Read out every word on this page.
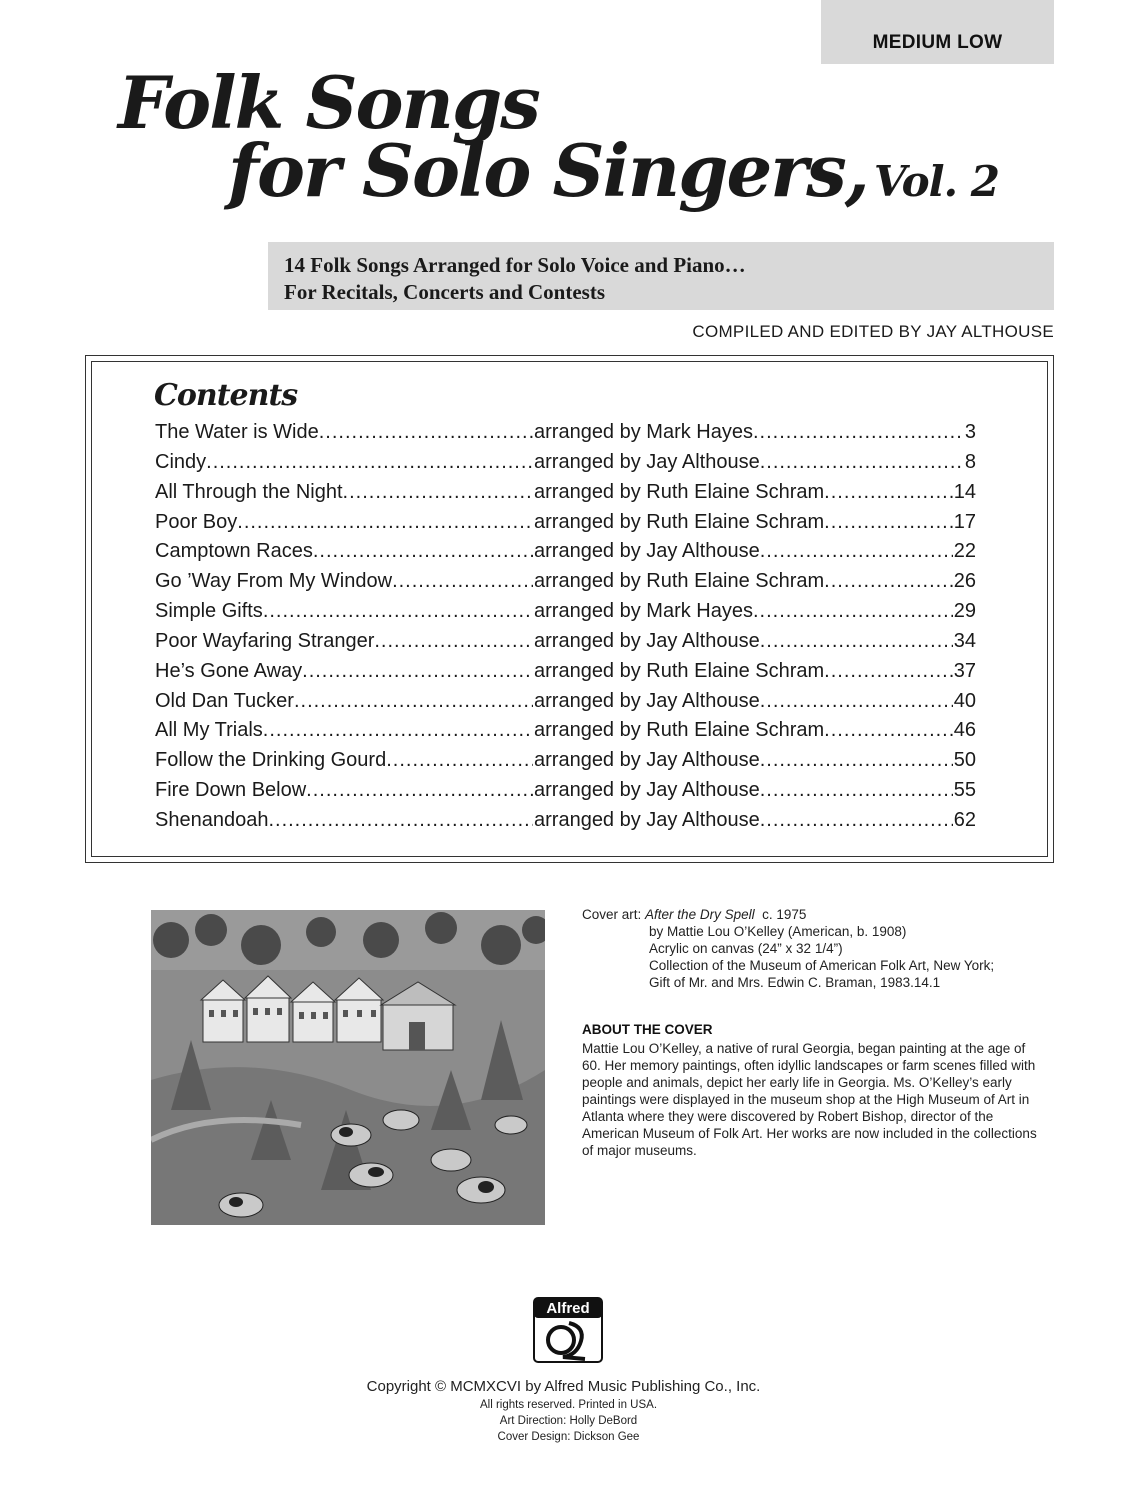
MEDIUM LOW
Folk Songs
for Solo Singers, Vol. 2
14 Folk Songs Arranged for Solo Voice and Piano…
For Recitals, Concerts and Contests
COMPILED AND EDITED BY JAY ALTHOUSE
Contents
The Water is Wide .....	arranged by Mark Hayes .....	3
Cindy .....	arranged by Jay Althouse .....	8
All Through the Night .....	arranged by Ruth Elaine Schram .....	14
Poor Boy .....	arranged by Ruth Elaine Schram .....	17
Camptown Races .....	arranged by Jay Althouse .....	22
Go ’Way From My Window .....	arranged by Ruth Elaine Schram .....	26
Simple Gifts .....	arranged by Mark Hayes .....	29
Poor Wayfaring Stranger .....	arranged by Jay Althouse .....	34
He’s Gone Away .....	arranged by Ruth Elaine Schram .....	37
Old Dan Tucker .....	arranged by Jay Althouse .....	40
All My Trials .....	arranged by Ruth Elaine Schram .....	46
Follow the Drinking Gourd .....	arranged by Jay Althouse .....	50
Fire Down Below .....	arranged by Jay Althouse .....	55
Shenandoah .....	arranged by Jay Althouse .....	62
Cover art: After the Dry Spell c. 1975
by Mattie Lou O’Kelley (American, b. 1908)
Acrylic on canvas (24” x 32 1/4”)
Collection of the Museum of American Folk Art, New York;
Gift of Mr. and Mrs. Edwin C. Braman, 1983.14.1
ABOUT THE COVER
Mattie Lou O’Kelley, a native of rural Georgia, began painting at the age of 60. Her memory paintings, often idyllic landscapes or farm scenes filled with people and animals, depict her early life in Georgia. Ms. O’Kelley’s early paintings were displayed in the museum shop at the High Museum of Art in Atlanta where they were discovered by Robert Bishop, director of the American Museum of Folk Art. Her works are now included in the collections of major museums.
Alfred
Copyright © MCMXCVI by Alfred Music Publishing Co., Inc.
All rights reserved. Printed in USA.
Art Direction: Holly DeBord
Cover Design: Dickson Gee
